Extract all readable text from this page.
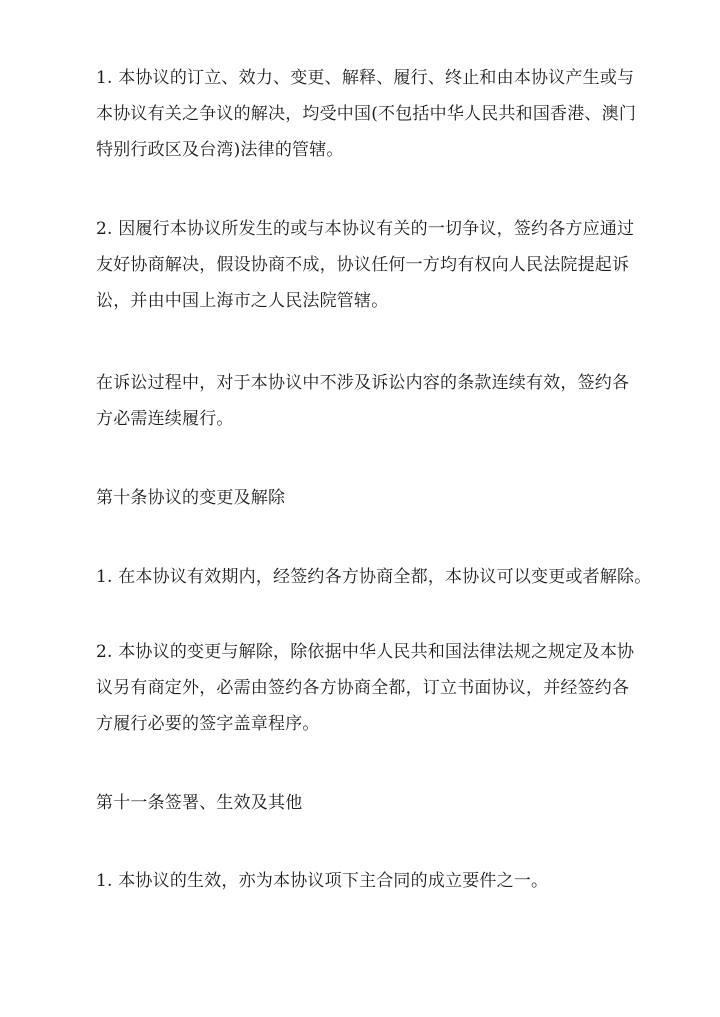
1. 本协议的订立、效力、变更、解释、履行、终止和由本协议产生或与
本协议有关之争议的解决，均受中国(不包括中华人民共和国香港、澳门
特别行政区及台湾)法律的管辖。

2. 因履行本协议所发生的或与本协议有关的一切争议，签约各方应通过
友好协商解决，假设协商不成，协议任何一方均有权向人民法院提起诉
讼，并由中国上海市之人民法院管辖。

在诉讼过程中，对于本协议中不涉及诉讼内容的条款连续有效，签约各
方必需连续履行。

第十条协议的变更及解除

1. 在本协议有效期内，经签约各方协商全都，本协议可以变更或者解除。

2. 本协议的变更与解除，除依据中华人民共和国法律法规之规定及本协
议另有商定外，必需由签约各方协商全都，订立书面协议，并经签约各
方履行必要的签字盖章程序。

第十一条签署、生效及其他

1. 本协议的生效，亦为本协议项下主合同的成立要件之一。
